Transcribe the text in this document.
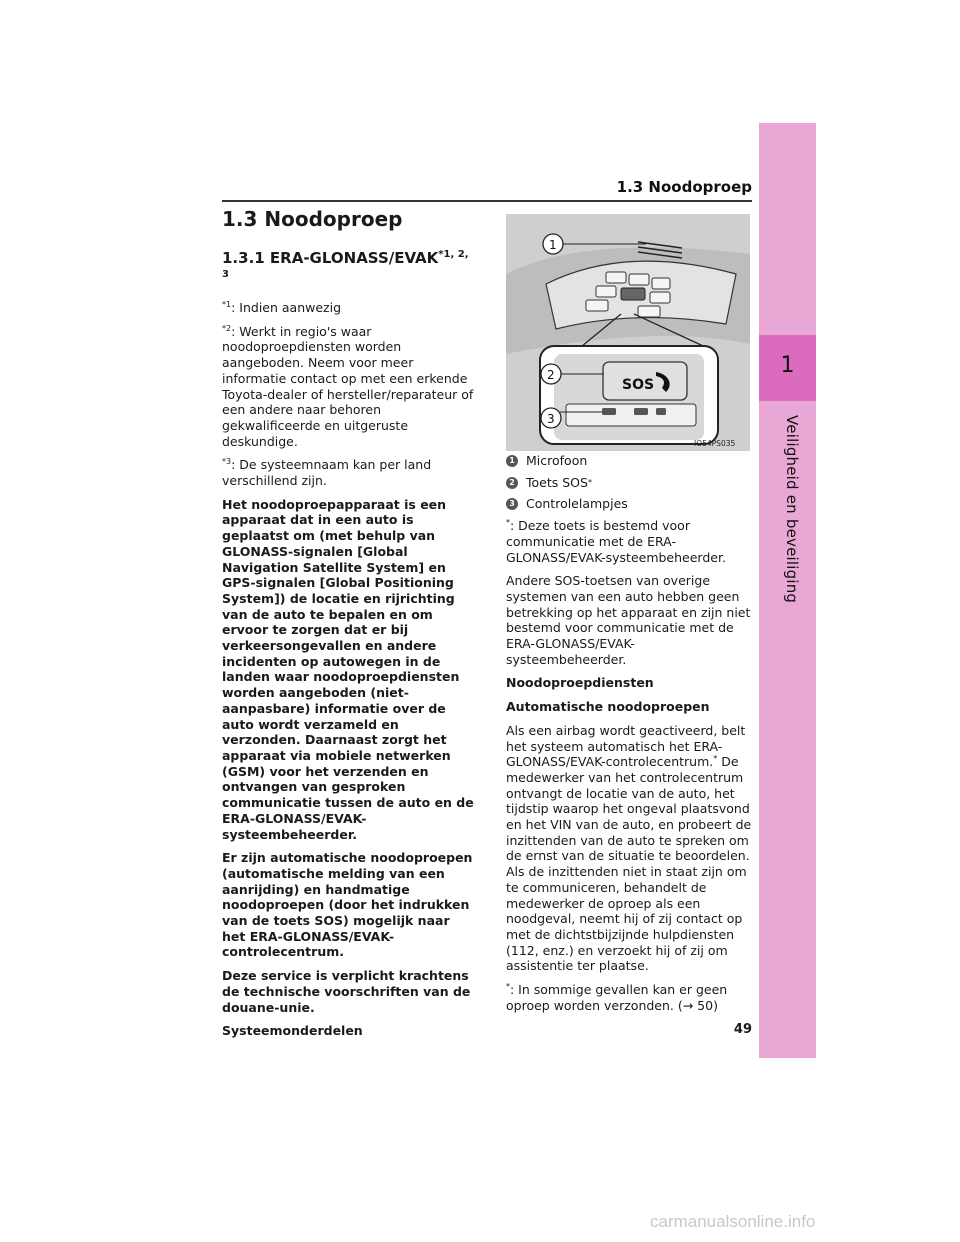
1
Veiligheid en beveiliging
1.3 Noodoproep
1.3 Noodoproep
1.3.1 ERA-GLONASS/EVAK$^{*1, 2, 3}$

$^{*1}$: Indien aanwezig

$^{*2}$: Werkt in regio's waar noodoproepdiensten worden aangeboden. Neem voor meer informatie contact op met een erkende Toyota-dealer of hersteller/reparateur of een andere naar behoren gekwalificeerde en uitgeruste deskundige.

$^{*3}$: De systeemnaam kan per land verschillend zijn.

Het noodoproepapparaat is een apparaat dat in een auto is geplaatst om (met behulp van GLONASS-signalen [Global Navigation Satellite System] en GPS-signalen [Global Positioning System]) de locatie en rijrichting van de auto te bepalen en om ervoor te zorgen dat er bij verkeersongevallen en andere incidenten op autowegen in de landen waar noodoproepdiensten worden aangeboden (niet-aanpasbare) informatie over de auto wordt verzameld en verzonden. Daarnaast zorgt het apparaat via mobiele netwerken (GSM) voor het verzenden en ontvangen van gesproken communicatie tussen de auto en de ERA-GLONASS/EVAK-systeembeheerder.

Er zijn automatische noodoproepen (automatische melding van een aanrijding) en handmatige noodoproepen (door het indrukken van de toets SOS) mogelijk naar het ERA-GLONASS/EVAK-controlecentrum.

Deze service is verplicht krachtens de technische voorschriften van de douane-unie.

Systeemonderdelen

SOS
1
2
3
IO54PS035
1 Microfoon
2 Toets SOS *
3 Controlelampjes

*: Deze toets is bestemd voor communicatie met de ERA-GLONASS/EVAK-systeembeheerder.

Andere SOS-toetsen van overige systemen van een auto hebben geen betrekking op het apparaat en zijn niet bestemd voor communicatie met de ERA-GLONASS/EVAK-systeembeheerder.

Noodoproepdiensten

Automatische noodoproepen

Als een airbag wordt geactiveerd, belt het systeem automatisch het ERA-GLONASS/EVAK-controlecentrum.* De medewerker van het controlecentrum ontvangt de locatie van de auto, het tijdstip waarop het ongeval plaatsvond en het VIN van de auto, en probeert de inzittenden van de auto te spreken om de ernst van de situatie te beoordelen. Als de inzittenden niet in staat zijn om te communiceren, behandelt de medewerker de oproep als een noodgeval, neemt hij of zij contact op met de dichtstbijzijnde hulpdiensten (112, enz.) en verzoekt hij of zij om assistentie ter plaatse.

*: In sommige gevallen kan er geen oproep worden verzonden. (→ 50)

49
carmanualsonline.info
